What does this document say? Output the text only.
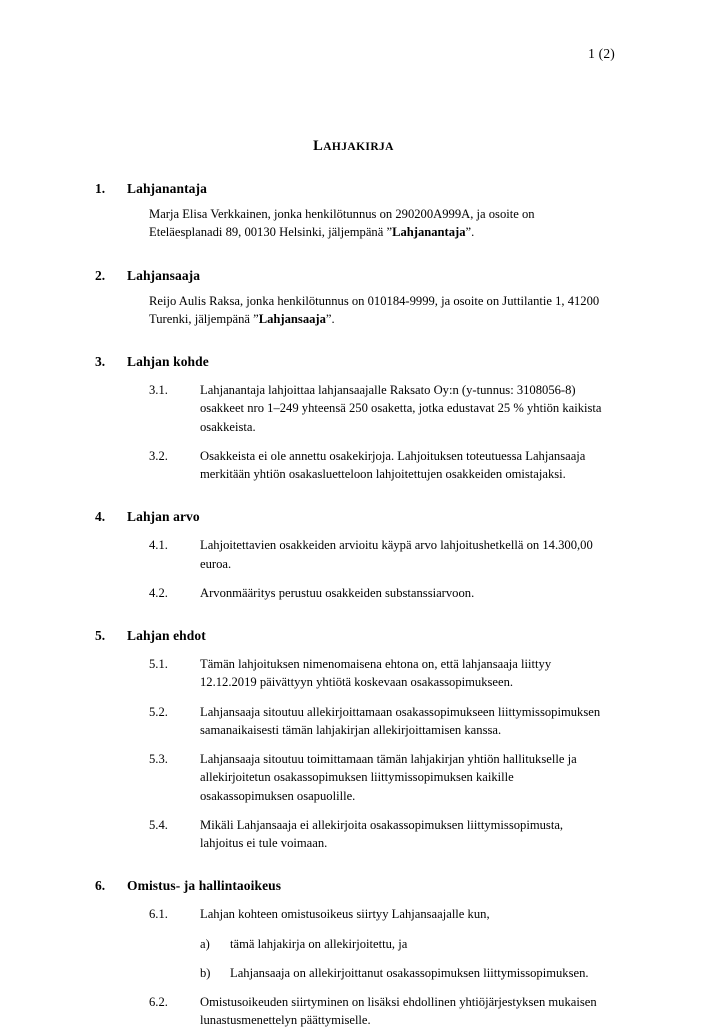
1 (2)
LAHJAKIRJA
1.	Lahjanantaja
Marja Elisa Verkkainen, jonka henkilötunnus on 290200A999A, ja osoite on Eteläesplanadi 89, 00130 Helsinki, jäljempänä ”Lahjanantaja”.
2.	Lahjansaaja
Reijo Aulis Raksa, jonka henkilötunnus on 010184-9999, ja osoite on Juttilantie 1, 41200 Turenki, jäljempänä ”Lahjansaaja”.
3.	Lahjan kohde
3.1.	Lahjanantaja lahjoittaa lahjansaajalle Raksato Oy:n (y-tunnus: 3108056-8) osakkeet nro 1–249 yhteensä 250 osaketta, jotka edustavat 25 % yhtiön kaikista osakkeista.
3.2.	Osakkeista ei ole annettu osakekirjoja. Lahjoituksen toteutuessa Lahjansaaja merkitään yhtiön osakasluetteloon lahjoitettujen osakkeiden omistajaksi.
4.	Lahjan arvo
4.1.	Lahjoitettavien osakkeiden arvioitu käypä arvo lahjoitushetkellä on 14.300,00 euroa.
4.2.	Arvonmääritys perustuu osakkeiden substanssiarvoon.
5.	Lahjan ehdot
5.1.	Tämän lahjoituksen nimenomaisena ehtona on, että lahjansaaja liittyy 12.12.2019 päivättyyn yhtiötä koskevaan osakassopimukseen.
5.2.	Lahjansaaja sitoutuu allekirjoittamaan osakassopimukseen liittymissopimuksen samanaikaisesti tämän lahjakirjan allekirjoittamisen kanssa.
5.3.	Lahjansaaja sitoutuu toimittamaan tämän lahjakirjan yhtiön hallitukselle ja allekirjoitetun osakassopimuksen liittymissopimuksen kaikille osakassopimuksen osapuolille.
5.4.	Mikäli Lahjansaaja ei allekirjoita osakassopimuksen liittymissopimusta, lahjoitus ei tule voimaan.
6.	Omistus- ja hallintaoikeus
6.1.	Lahjan kohteen omistusoikeus siirtyy Lahjansaajalle kun,
a)	tämä lahjakirja on allekirjoitettu, ja
b)	Lahjansaaja on allekirjoittanut osakassopimuksen liittymissopimuksen.
6.2.	Omistusoikeuden siirtyminen on lisäksi ehdollinen yhtiöjärjestyksen mukaisen lunastusmenettelyn päättymiselle.
